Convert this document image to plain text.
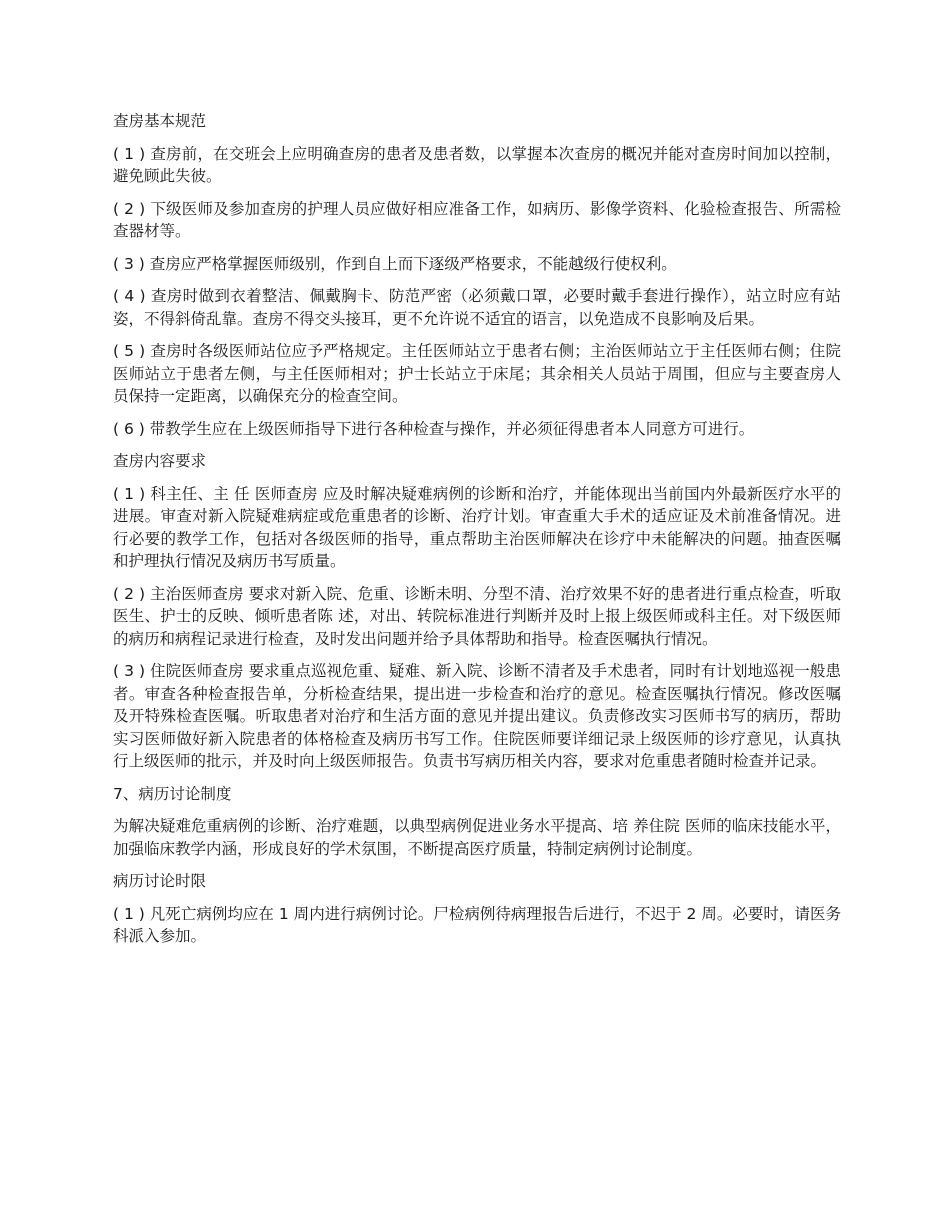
查房基本规范

( 1 ) 查房前，在交班会上应明确查房的患者及患者数，以掌握本次查房的概况并能对查房时间加以控制，避免顾此失彼。

( 2 ) 下级医师及参加查房的护理人员应做好相应准备工作，如病历、影像学资料、化验检查报告、所需检查器材等。

( 3 ) 查房应严格掌握医师级别，作到自上而下逐级严格要求，不能越级行使权利。

( 4 ) 查房时做到衣着整洁、佩戴胸卡、防范严密（必须戴口罩，必要时戴手套进行操作），站立时应有站姿，不得斜倚乱靠。查房不得交头接耳，更不允许说不适宜的语言，以免造成不良影响及后果。

( 5 ) 查房时各级医师站位应予严格规定。主任医师站立于患者右侧；主治医师站立于主任医师右侧；住院医师站立于患者左侧，与主任医师相对；护士长站立于床尾；其余相关人员站于周围，但应与主要查房人员保持一定距离，以确保充分的检查空间。

( 6 ) 带教学生应在上级医师指导下进行各种检查与操作，并必须征得患者本人同意方可进行。

查房内容要求

( 1 ) 科主任、主 任 医师查房 应及时解决疑难病例的诊断和治疗，并能体现出当前国内外最新医疗水平的进展。审查对新入院疑难病症或危重患者的诊断、治疗计划。审查重大手术的适应证及术前准备情况。进行必要的教学工作，包括对各级医师的指导，重点帮助主治医师解决在诊疗中未能解决的问题。抽查医嘱和护理执行情况及病历书写质量。

( 2 ) 主治医师查房 要求对新入院、危重、诊断未明、分型不清、治疗效果不好的患者进行重点检查，听取医生、护士的反映、倾听患者陈 述，对出、转院标准进行判断并及时上报上级医师或科主任。对下级医师的病历和病程记录进行检查，及时发出问题并给予具体帮助和指导。检查医嘱执行情况。

( 3 ) 住院医师查房 要求重点巡视危重、疑难、新入院、诊断不清者及手术患者，同时有计划地巡视一般患者。审查各种检查报告单，分析检查结果，提出进一步检查和治疗的意见。检查医嘱执行情况。修改医嘱及开特殊检查医嘱。听取患者对治疗和生活方面的意见并提出建议。负责修改实习医师书写的病历，帮助实习医师做好新入院患者的体格检查及病历书写工作。住院医师要详细记录上级医师的诊疗意见，认真执行上级医师的批示，并及时向上级医师报告。负责书写病历相关内容，要求对危重患者随时检查并记录。

7、病历讨论制度

为解决疑难危重病例的诊断、治疗难题，以典型病例促进业务水平提高、培 养住院 医师的临床技能水平，加强临床教学内涵，形成良好的学术氛围，不断提高医疗质量，特制定病例讨论制度。

病历讨论时限

( 1 ) 凡死亡病例均应在 1 周内进行病例讨论。尸检病例待病理报告后进行，不迟于 2 周。必要时，请医务科派入参加。
